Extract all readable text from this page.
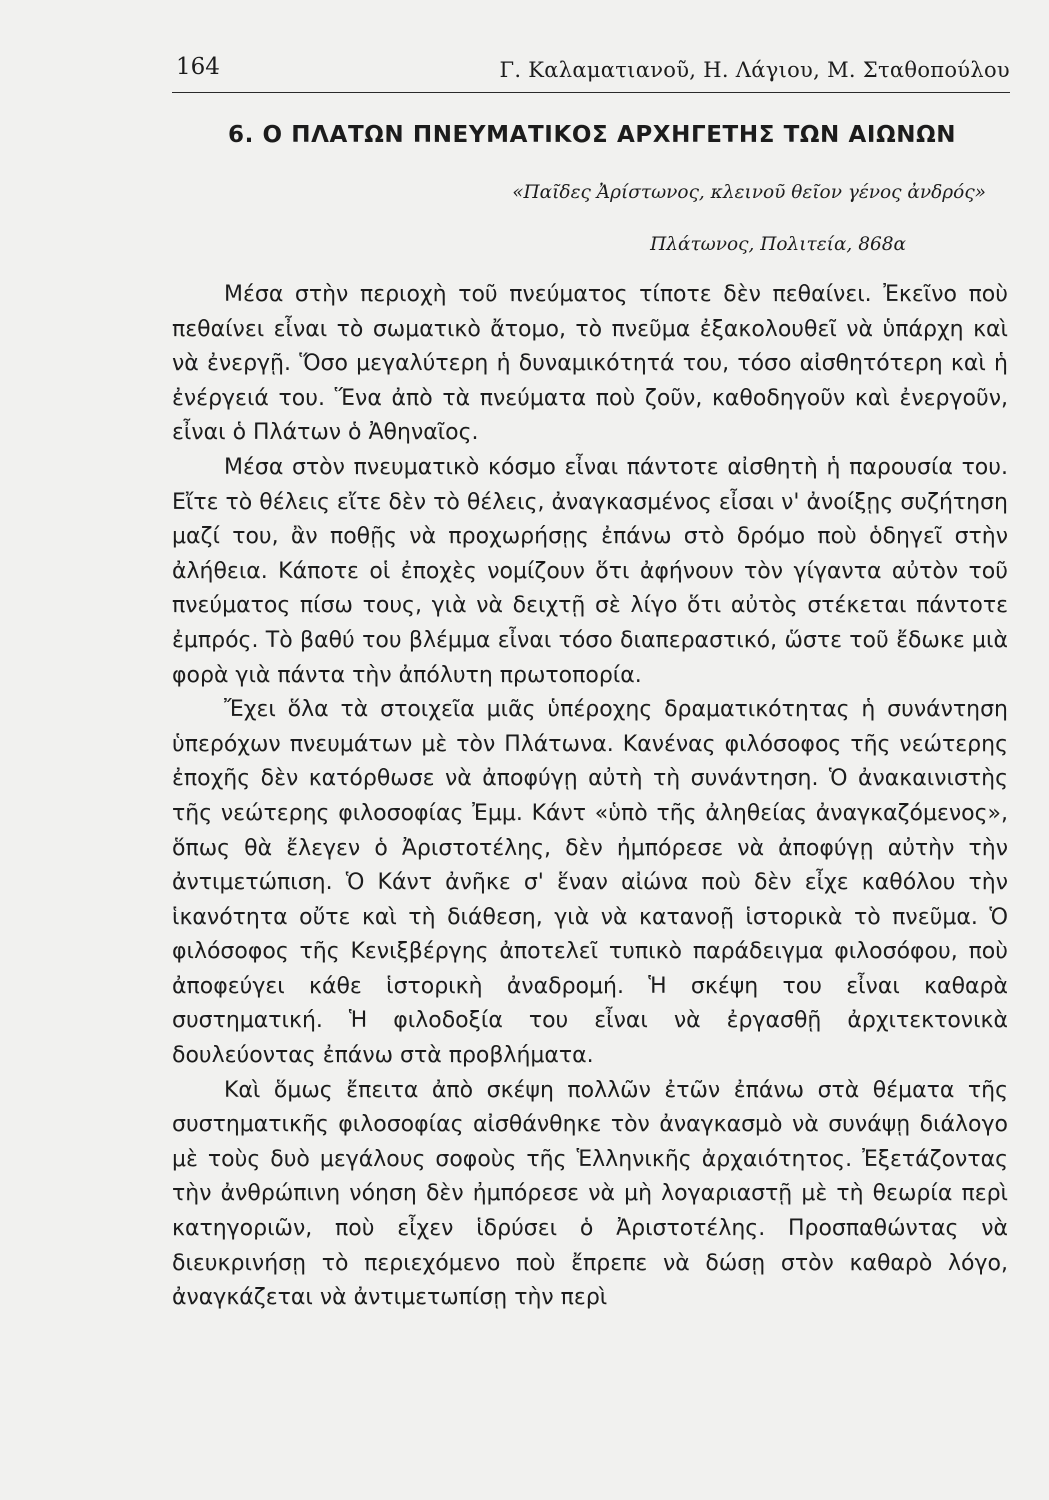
164	Γ. Καλαματιανοῦ, Η. Λάγιου, Μ. Σταθοπούλου
6. Ο ΠΛΑΤΩΝ ΠΝΕΥΜΑΤΙΚΟΣ ΑΡΧΗΓΕΤΗΣ ΤΩΝ ΑΙΩΝΩΝ
«Παῖδες Ἀρίστωνος, κλεινοῦ θεῖον γένος ἀνδρός»
Πλάτωνος, Πολιτεία, 868α

Μέσα στὴν περιοχὴ τοῦ πνεύματος τίποτε δὲν πεθαίνει. Ἐκεῖνο ποὺ πεθαίνει εἶναι τὸ σωματικὸ ἄτομο, τὸ πνεῦμα ἐξακολουθεῖ νὰ ὑπάρχη καὶ νὰ ἐνεργῇ. Ὅσο μεγαλύτερη ἡ δυναμικότητά του, τόσο αἰσθητότερη καὶ ἡ ἐνέργειά του. Ἕνα ἀπὸ τὰ πνεύματα ποὺ ζοῦν, καθοδηγοῦν καὶ ἐνεργοῦν, εἶναι ὁ Πλάτων ὁ Ἀθηναῖος.

Μέσα στὸν πνευματικὸ κόσμο εἶναι πάντοτε αἰσθητὴ ἡ παρουσία του. Εἴτε τὸ θέλεις εἴτε δὲν τὸ θέλεις, ἀναγκασμένος εἶσαι ν' ἀνοίξῃς συζήτηση μαζί του, ἂν ποθῇς νὰ προχωρήσῃς ἐπάνω στὸ δρόμο ποὺ ὁδηγεῖ στὴν ἀλήθεια. Κάποτε οἱ ἐποχὲς νομίζουν ὅτι ἀφήνουν τὸν γίγαντα αὐτὸν τοῦ πνεύματος πίσω τους, γιὰ νὰ δειχτῇ σὲ λίγο ὅτι αὐτὸς στέκεται πάντοτε ἐμπρός. Τὸ βαθύ του βλέμμα εἶναι τόσο διαπεραστικό, ὥστε τοῦ ἔδωκε μιὰ φορὰ γιὰ πάντα τὴν ἀπόλυτη πρωτοπορία.

Ἔχει ὅλα τὰ στοιχεῖα μιᾶς ὑπέροχης δραματικότητας ἡ συνάντηση ὑπερόχων πνευμάτων μὲ τὸν Πλάτωνα. Κανένας φιλόσοφος τῆς νεώτερης ἐποχῆς δὲν κατόρθωσε νὰ ἀποφύγῃ αὐτὴ τὴ συνάντηση. Ὁ ἀνακαινιστὴς τῆς νεώτερης φιλοσοφίας Ἐμμ. Κάντ «ὑπὸ τῆς ἀληθείας ἀναγκαζόμενος», ὅπως θὰ ἔλεγεν ὁ Ἀριστοτέλης, δὲν ἠμπόρεσε νὰ ἀποφύγῃ αὐτὴν τὴν ἀντιμετώπιση. Ὁ Κάντ ἀνῆκε σ' ἕναν αἰώνα ποὺ δὲν εἶχε καθόλου τὴν ἱκανότητα οὔτε καὶ τὴ διάθεση, γιὰ νὰ κατανοῇ ἱστορικὰ τὸ πνεῦμα. Ὁ φιλόσοφος τῆς Κενιξβέργης ἀποτελεῖ τυπικὸ παράδειγμα φιλοσόφου, ποὺ ἀποφεύγει κάθε ἱστορικὴ ἀναδρομή. Ἡ σκέψη του εἶναι καθαρὰ συστηματική. Ἡ φιλοδοξία του εἶναι νὰ ἐργασθῇ ἀρχιτεκτονικὰ δουλεύοντας ἐπάνω στὰ προβλήματα.

Καὶ ὅμως ἔπειτα ἀπὸ σκέψη πολλῶν ἐτῶν ἐπάνω στὰ θέματα τῆς συστηματικῆς φιλοσοφίας αἰσθάνθηκε τὸν ἀναγκασμὸ νὰ συνάψῃ διάλογο μὲ τοὺς δυὸ μεγάλους σοφοὺς τῆς Ἑλληνικῆς ἀρχαιότητος. Ἐξετάζοντας τὴν ἀνθρώπινη νόηση δὲν ἠμπόρεσε νὰ μὴ λογαριαστῇ μὲ τὴ θεωρία περὶ κατηγοριῶν, ποὺ εἶχεν ἱδρύσει ὁ Ἀριστοτέλης. Προσπαθώντας νὰ διευκρινήσῃ τὸ περιεχόμενο ποὺ ἔπρεπε νὰ δώσῃ στὸν καθαρὸ λόγο, ἀναγκάζεται νὰ ἀντιμετωπίσῃ τὴν περὶ
